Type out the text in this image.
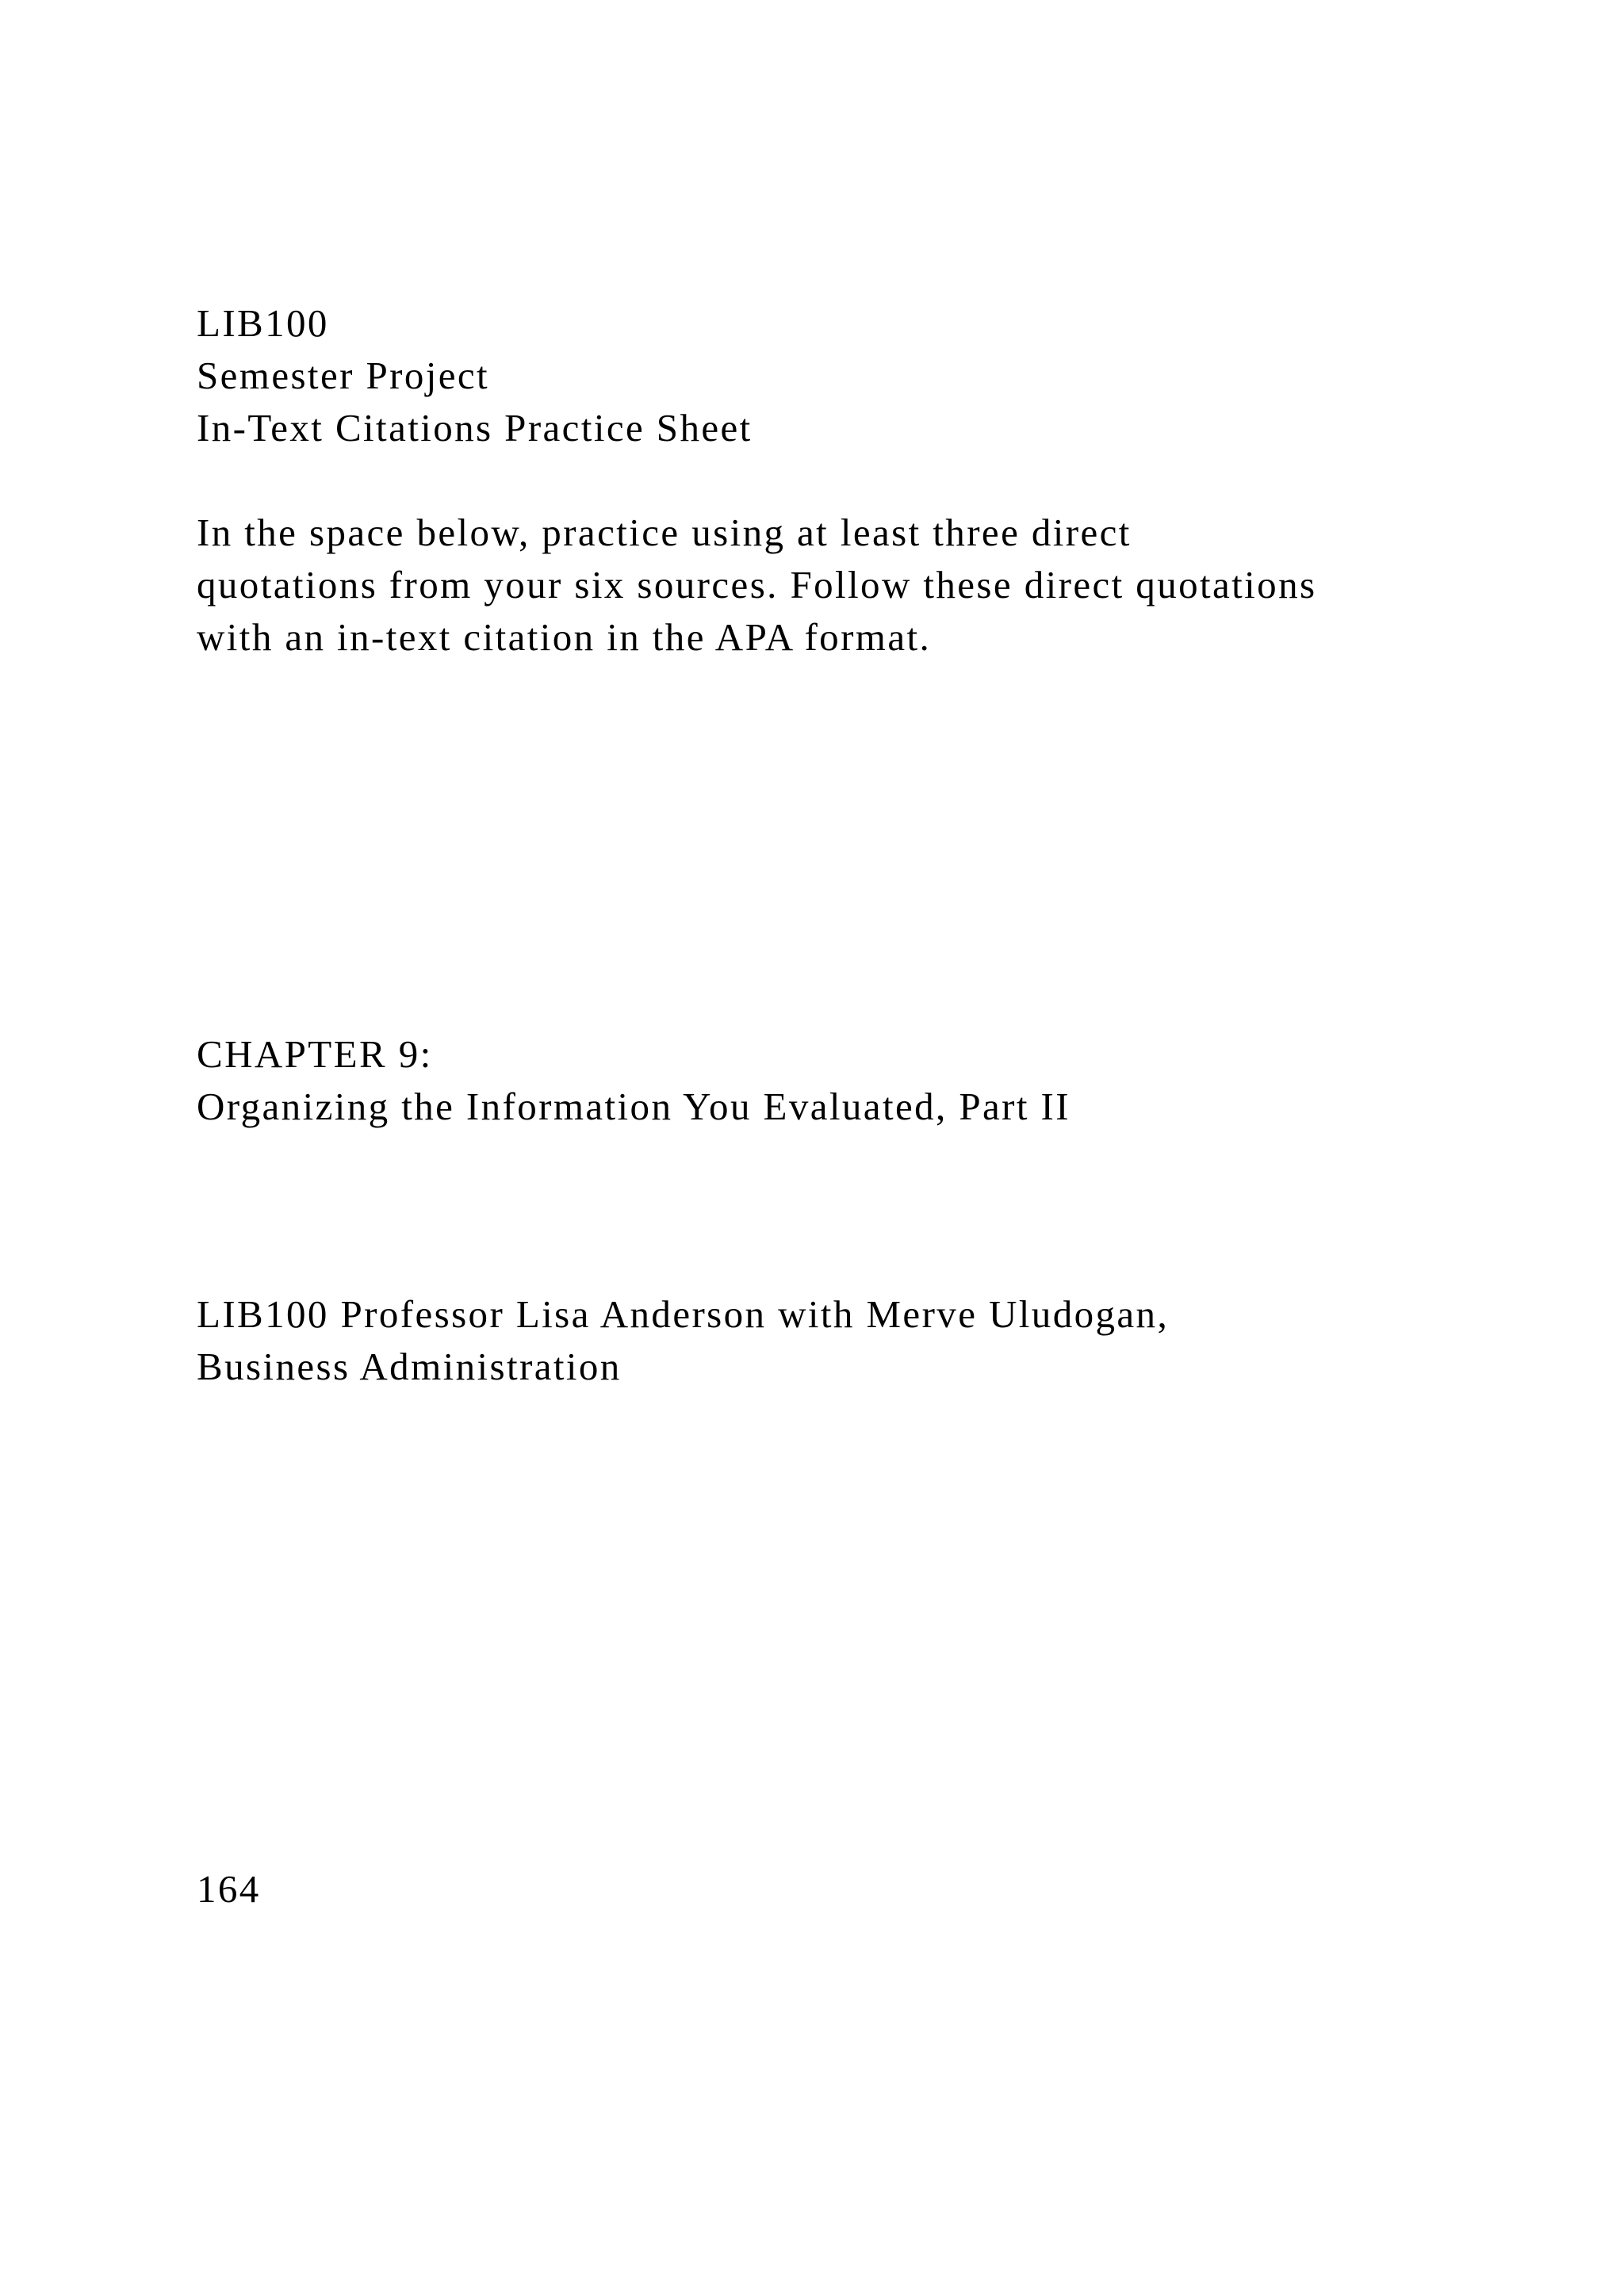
LIB100

Semester Project

In-Text Citations Practice Sheet

In the space below, practice using at least three direct

quotations from your six sources. Follow these direct quotations

with an in-text citation in the APA format.

CHAPTER 9:

Organizing the Information You Evaluated, Part II

LIB100 Professor Lisa Anderson with Merve Uludogan,

Business Administration

164
